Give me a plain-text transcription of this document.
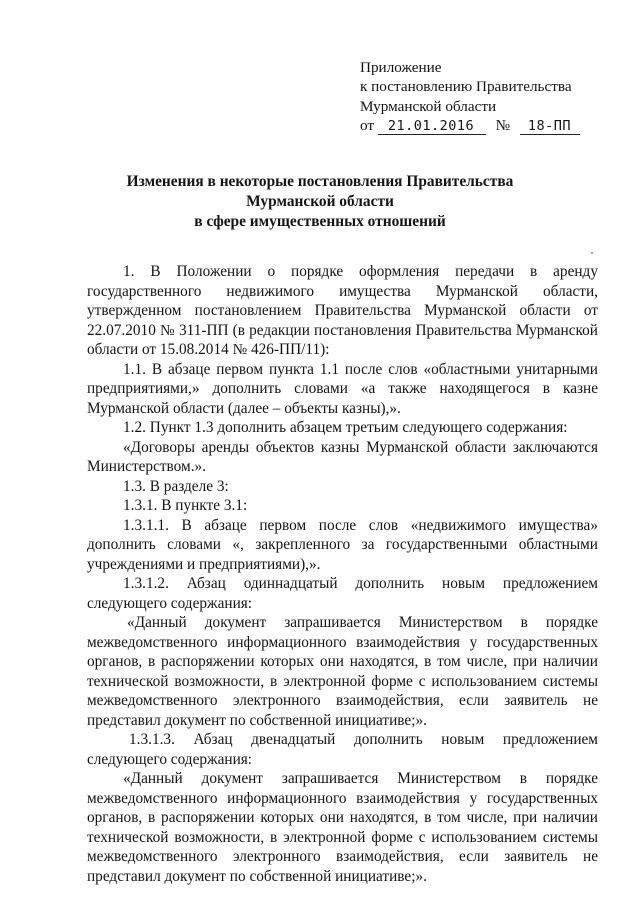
Приложение
к постановлению Правительства
Мурманской области
от 21.01.2016 № 18-ПП
Изменения в некоторые постановления Правительства
Мурманской области
в сфере имущественных отношений

1. В Положении о порядке оформления передачи в аренду государственного недвижимого имущества Мурманской области, утвержденном постановлением Правительства Мурманской области от 22.07.2010 № 311-ПП (в редакции постановления Правительства Мурманской области от 15.08.2014 № 426-ПП/11):

1.1. В абзаце первом пункта 1.1 после слов «областными унитарными предприятиями,» дополнить словами «а также находящегося в казне Мурманской области (далее – объекты казны),».

1.2. Пункт 1.3 дополнить абзацем третьим следующего содержания:

«Договоры аренды объектов казны Мурманской области заключаются Министерством.».

1.3. В разделе 3:

1.3.1. В пункте 3.1:

1.3.1.1. В абзаце первом после слов «недвижимого имущества» дополнить словами «, закрепленного за государственными областными учреждениями и предприятиями),».

1.3.1.2. Абзац одиннадцатый дополнить новым предложением следующего содержания:

«Данный документ запрашивается Министерством в порядке межведомственного информационного взаимодействия у государственных органов, в распоряжении которых они находятся, в том числе, при наличии технической возможности, в электронной форме с использованием системы межведомственного электронного взаимодействия, если заявитель не представил документ по собственной инициативе;».

1.3.1.3. Абзац двенадцатый дополнить новым предложением следующего содержания:

«Данный документ запрашивается Министерством в порядке межведомственного информационного взаимодействия у государственных органов, в распоряжении которых они находятся, в том числе, при наличии технической возможности, в электронной форме с использованием системы межведомственного электронного взаимодействия, если заявитель не представил документ по собственной инициативе;».
